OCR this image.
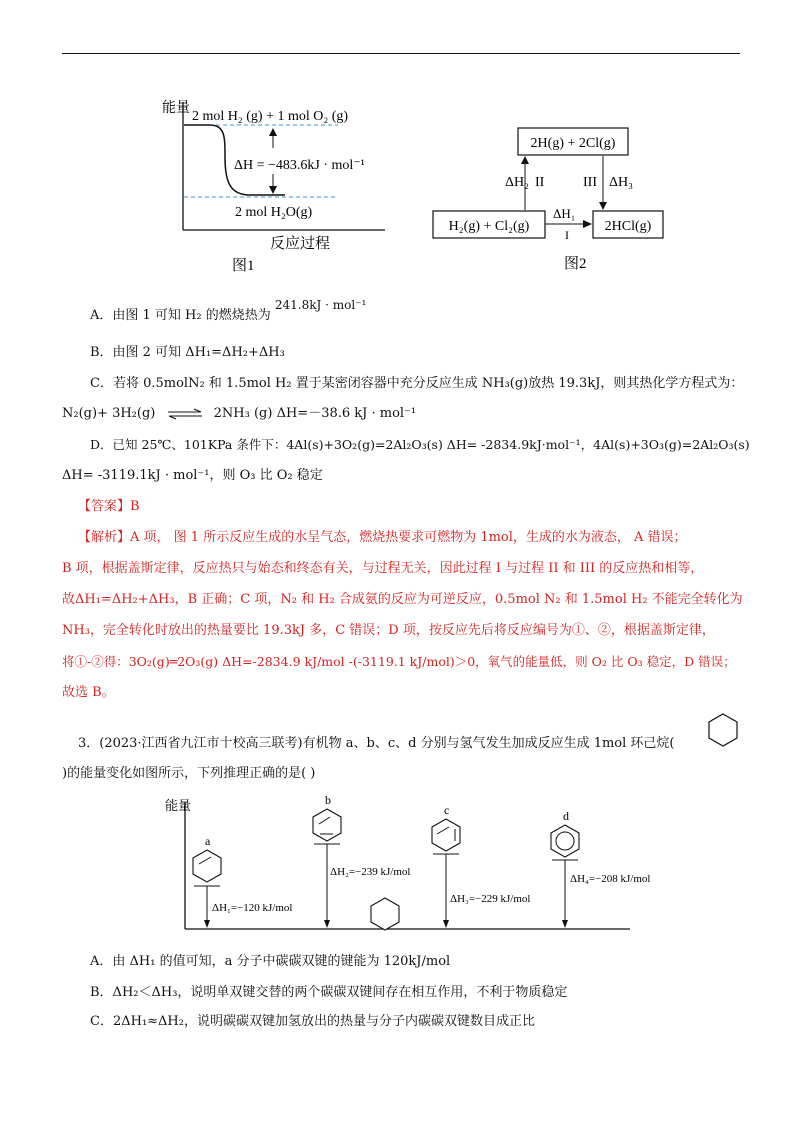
能量
2 mol H₂ (g) + 1 mol O₂ (g)
ΔH = −483.6kJ · mol⁻¹
2 mol H₂O(g)
反应过程
图1
2H(g) + 2Cl(g)
H₂(g) + Cl₂(g)	2HCl(g)
ΔH₂ II	III ΔH₃
ΔH₁
I
图2
A．由图 1 可知 H₂ 的燃烧热为 241.8kJ · mol⁻¹
B．由图 2 可知 ΔH₁=ΔH₂+ΔH₃
C．若将 0.5molN₂ 和 1.5mol H₂ 置于某密闭容器中充分反应生成 NH₃(g)放热 19.3kJ，则其热化学方程式为：
N₂(g)+ 3H₂(g) ⇌ 2NH₃ (g) ΔH=－38.6 kJ · mol⁻¹
D．已知 25℃、101KPa 条件下：4Al(s)+3O₂(g)=2Al₂O₃(s) ΔH= -2834.9kJ·mol⁻¹，4Al(s)+3O₃(g)=2Al₂O₃(s)
ΔH= -3119.1kJ · mol⁻¹，则 O₃ 比 O₂ 稳定
【答案】B
【解析】A 项， 图 1 所示反应生成的水呈气态，燃烧热要求可燃物为 1mol，生成的水为液态， A 错误；
B 项，根据盖斯定律，反应热只与始态和终态有关，与过程无关，因此过程 I 与过程 II 和 III 的反应热和相等，
故ΔH₁=ΔH₂+ΔH₃，B 正确；C 项，N₂ 和 H₂ 合成氨的反应为可逆反应，0.5mol N₂ 和 1.5mol H₂ 不能完全转化为
NH₃，完全转化时放出的热量要比 19.3kJ 多，C 错误；D 项，按反应先后将反应编号为①、②，根据盖斯定律，
将①-②得：3O₂(g)═2O₃(g) ΔH=-2834.9 kJ/mol -(-3119.1 kJ/mol)＞0，氧气的能量低，则 O₂ 比 O₃ 稳定，D 错误；
故选 B。
3．(2023·江西省九江市十校高三联考)有机物 a、b、c、d 分别与氢气发生加成反应生成 1mol 环己烷(
)的能量变化如图所示，下列推理正确的是( )
能量
a
ΔH₁=−120 kJ/mol
b
ΔH₂=−239 kJ/mol
c
ΔH₃=−229 kJ/mol
d
ΔH₄=−208 kJ/mol
A．由 ΔH₁ 的值可知，a 分子中碳碳双键的键能为 120kJ/mol
B．ΔH₂＜ΔH₃，说明单双键交替的两个碳碳双键间存在相互作用，不利于物质稳定
C．2ΔH₁≈ΔH₂，说明碳碳双键加氢放出的热量与分子内碳碳双键数目成正比
